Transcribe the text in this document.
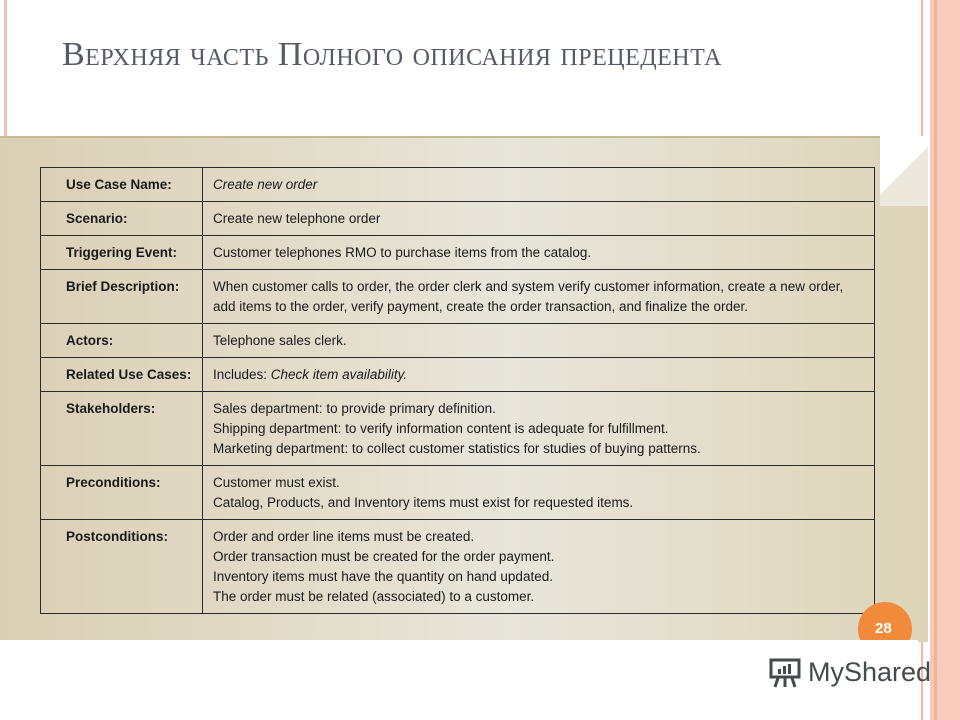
Верхняя часть Полного описания прецедента
Use Case Name:	Create new order

Scenario:	Create new telephone order

Triggering Event:	Customer telephones RMO to purchase items from the catalog.

Brief Description:	When customer calls to order, the order clerk and system verify customer information, create a new order, add items to the order, verify payment, create the order transaction, and finalize the order.

Actors:	Telephone sales clerk.

Related Use Cases:	Includes: Check item availability.
Stakeholders:	Sales department: to provide primary definition.
Shipping department: to verify information content is adequate for fulfillment.
Marketing department: to collect customer statistics for studies of buying patterns.

Preconditions:	Customer must exist.
Catalog, Products, and Inventory items must exist for requested items.

Postconditions:	Order and order line items must be created.
Order transaction must be created for the order payment.
Inventory items must have the quantity on hand updated.
The order must be related (associated) to a customer.
28
MyShared
